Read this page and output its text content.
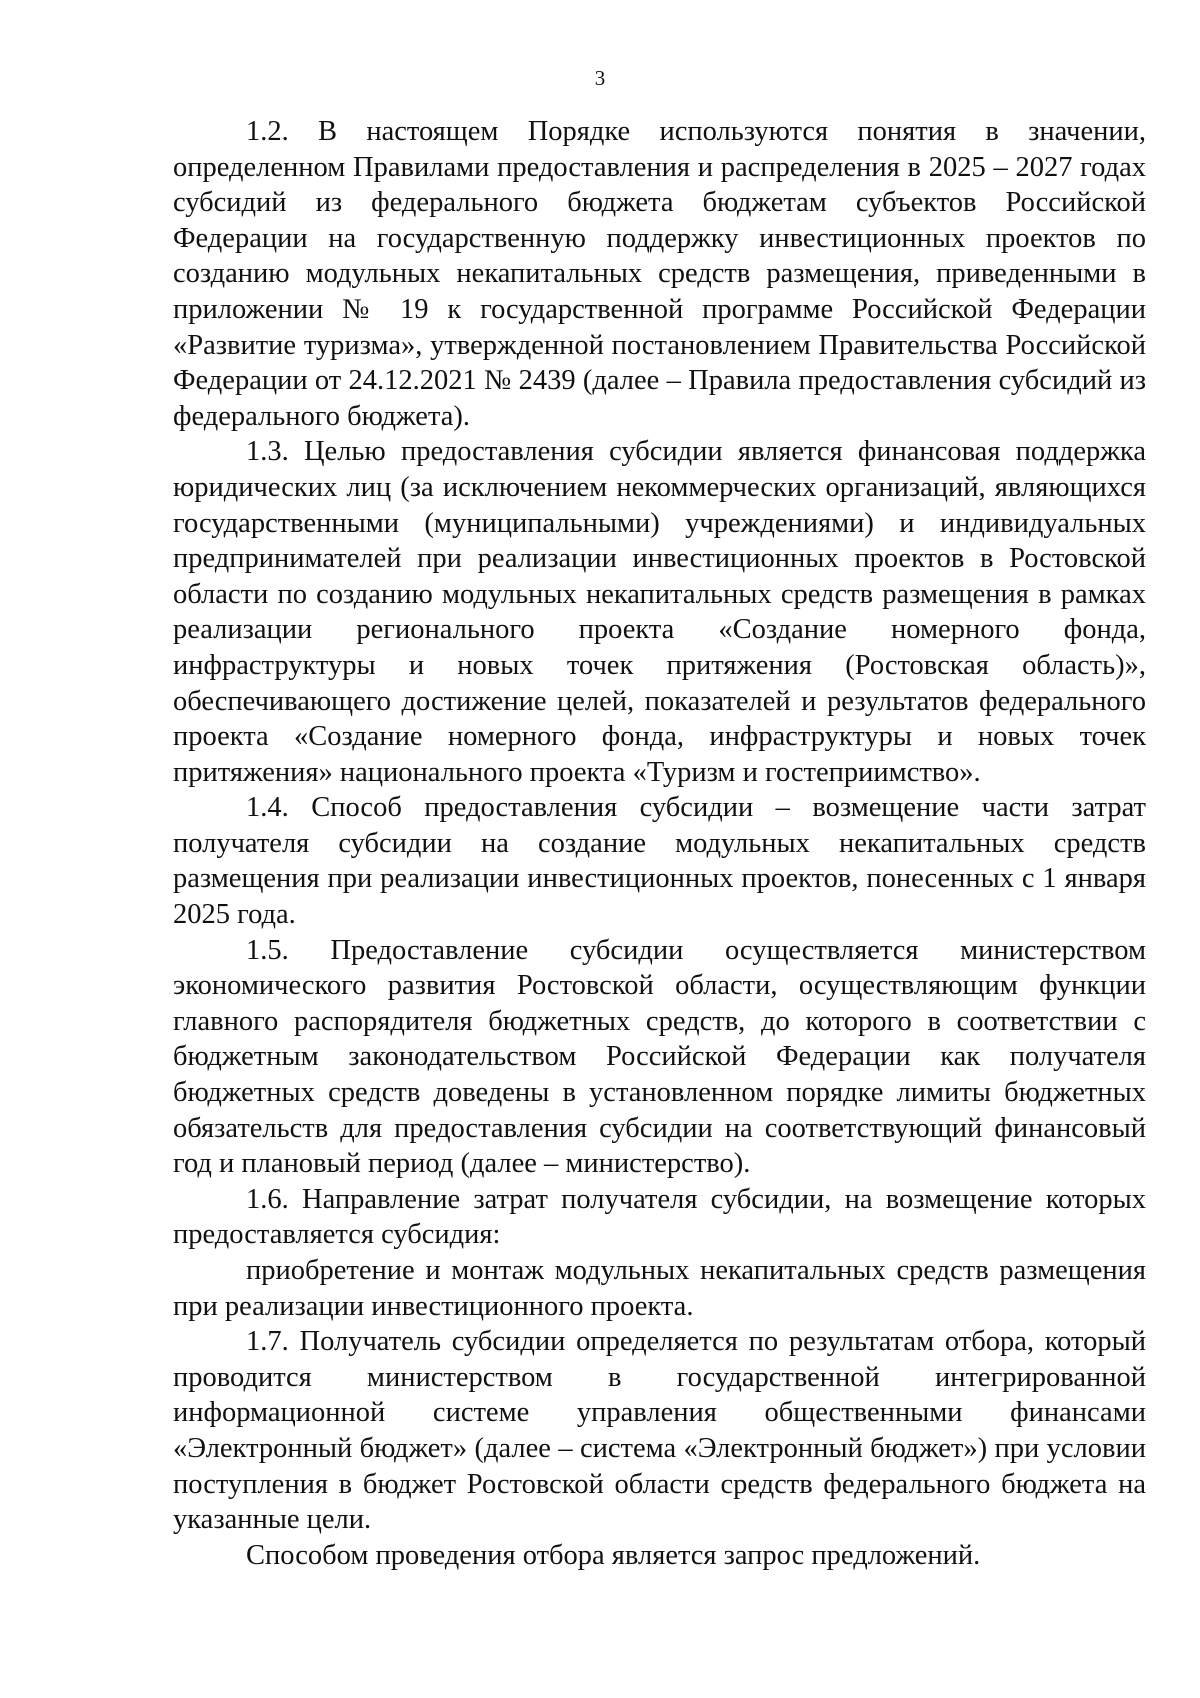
3

1.2. В настоящем Порядке используются понятия в значении, определенном Правилами предоставления и распределения в 2025 – 2027 годах субсидий из федерального бюджета бюджетам субъектов Российской Федерации на государственную поддержку инвестиционных проектов по созданию модульных некапитальных средств размещения, приведенными в приложении № 19 к государственной программе Российской Федерации «Развитие туризма», утвержденной постановлением Правительства Российской Федерации от 24.12.2021 № 2439 (далее – Правила предоставления субсидий из федерального бюджета).

1.3. Целью предоставления субсидии является финансовая поддержка юридических лиц (за исключением некоммерческих организаций, являющихся государственными (муниципальными) учреждениями) и индивидуальных предпринимателей при реализации инвестиционных проектов в Ростовской области по созданию модульных некапитальных средств размещения в рамках реализации регионального проекта «Создание номерного фонда, инфраструктуры и новых точек притяжения (Ростовская область)», обеспечивающего достижение целей, показателей и результатов федерального проекта «Создание номерного фонда, инфраструктуры и новых точек притяжения» национального проекта «Туризм и гостеприимство».

1.4. Способ предоставления субсидии – возмещение части затрат получателя субсидии на создание модульных некапитальных средств размещения при реализации инвестиционных проектов, понесенных с 1 января 2025 года.

1.5. Предоставление субсидии осуществляется министерством экономического развития Ростовской области, осуществляющим функции главного распорядителя бюджетных средств, до которого в соответствии с бюджетным законодательством Российской Федерации как получателя бюджетных средств доведены в установленном порядке лимиты бюджетных обязательств для предоставления субсидии на соответствующий финансовый год и плановый период (далее – министерство).

1.6. Направление затрат получателя субсидии, на возмещение которых предоставляется субсидия:

приобретение и монтаж модульных некапитальных средств размещения при реализации инвестиционного проекта.

1.7. Получатель субсидии определяется по результатам отбора, который проводится министерством в государственной интегрированной информационной системе управления общественными финансами «Электронный бюджет» (далее – система «Электронный бюджет») при условии поступления в бюджет Ростовской области средств федерального бюджета на указанные цели.

Способом проведения отбора является запрос предложений.
